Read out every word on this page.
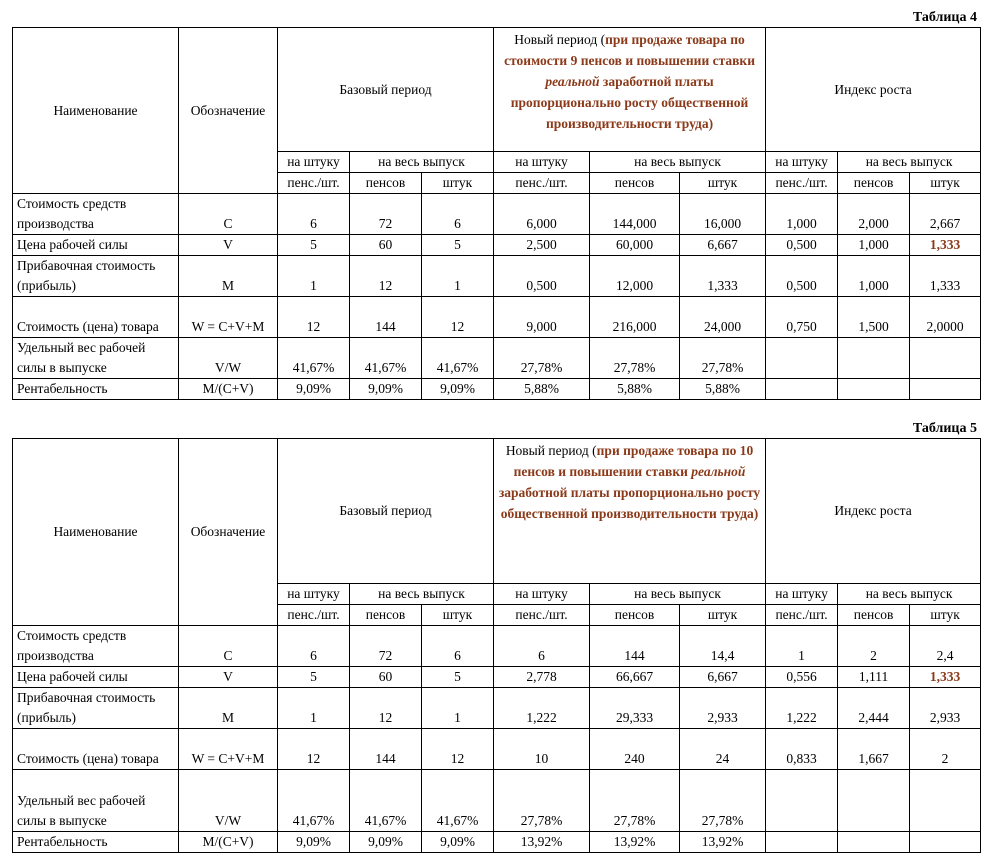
Таблица 4
Наименование	Обозначение	Базовый период			Новый период (при продаже товара по стоимости 9 пенсов и повышении ставки реальной заработной платы пропорционально росту общественной производительности труда)			Индекс роста		
		на штуку	на весь выпуск		на штуку	на весь выпуск		на штуку	на весь выпуск	
		пенс./шт.	пенсов	штук	пенс./шт.	пенсов	штук	пенс./шт.	пенсов	штук
Стоимость средств производства	C	6	72	6	6,000	144,000	16,000	1,000	2,000	2,667
Цена рабочей силы	V	5	60	5	2,500	60,000	6,667	0,500	1,000	1,333
Прибавочная стоимость (прибыль)	M	1	12	1	0,500	12,000	1,333	0,500	1,000	1,333
Стоимость (цена) товара	W = C+V+M	12	144	12	9,000	216,000	24,000	0,750	1,500	2,0000
Удельный вес рабочей силы в выпуске	V/W	41,67%	41,67%	41,67%	27,78%	27,78%	27,78%			
Рентабельность	M/(C+V)	9,09%	9,09%	9,09%	5,88%	5,88%	5,88%			
Таблица 5
Наименование	Обозначение	Базовый период			Новый период (при продаже товара по 10 пенсов и повышении ставки реальной заработной платы пропорционально росту общественной производительности труда)			Индекс роста		
		на штуку	на весь выпуск		на штуку	на весь выпуск		на штуку	на весь выпуск	
		пенс./шт.	пенсов	штук	пенс./шт.	пенсов	штук	пенс./шт.	пенсов	штук
Стоимость средств производства	C	6	72	6	6	144	14,4	1	2	2,4
Цена рабочей силы	V	5	60	5	2,778	66,667	6,667	0,556	1,111	1,333
Прибавочная стоимость (прибыль)	M	1	12	1	1,222	29,333	2,933	1,222	2,444	2,933
Стоимость (цена) товара	W = C+V+M	12	144	12	10	240	24	0,833	1,667	2
Удельный вес рабочей силы в выпуске	V/W	41,67%	41,67%	41,67%	27,78%	27,78%	27,78%			
Рентабельность	M/(C+V)	9,09%	9,09%	9,09%	13,92%	13,92%	13,92%			
